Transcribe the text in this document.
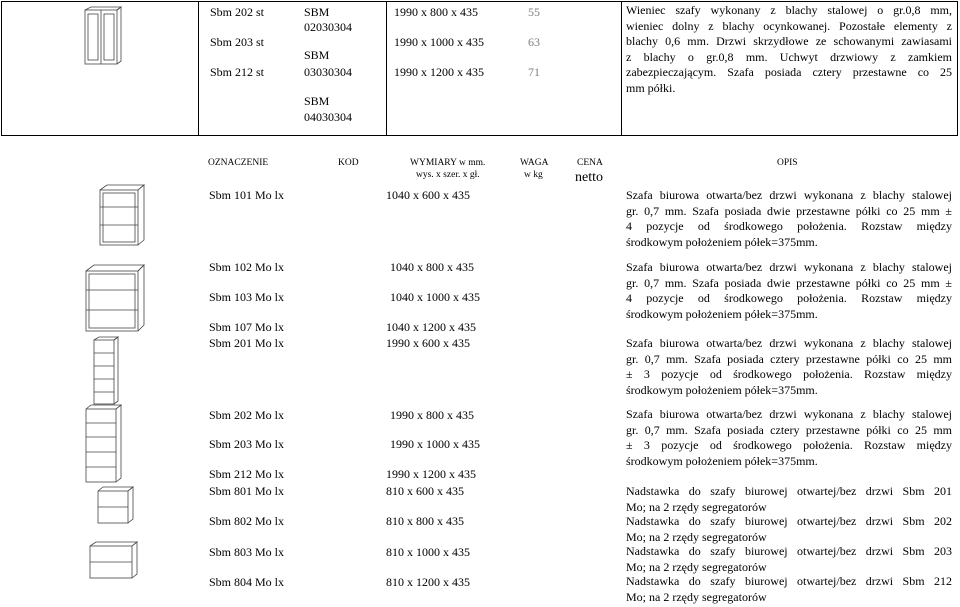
Sbm 202 st
Sbm 203 st
Sbm 212 st
SBM
02030304
SBM
03030304
SBM
04030304
1990 x 800 x 435
1990 x 1000 x 435
1990 x 1200 x 435
55
63
71
Wieniec szafy wykonany z blachy stalowej o gr.0,8 mm,
wieniec dolny z blachy ocynkowanej. Pozostałe elementy z
blachy 0,6 mm. Drzwi skrzydłowe ze schowanymi zawiasami
z blachy o gr.0,8 mm. Uchwyt drzwiowy z zamkiem
zabezpieczającym. Szafa posiada cztery przestawne co 25
mm półki.
OZNACZENIE	KOD	WYMIARY w mm.
wys. x szer. x gł.
WAGA
w kg
CENA
netto
OPIS
Sbm 101 Mo lx
Sbm 102 Mo lx
Sbm 103 Mo lx
Sbm 107 Mo lx
Sbm 201 Mo lx
Sbm 202 Mo lx
Sbm 203 Mo lx
Sbm 212 Mo lx
Sbm 801 Mo lx
Sbm 802 Mo lx
Sbm 803 Mo lx
Sbm 804 Mo lx
1040 x 600 x 435
1040 x 800 x 435
1040 x 1000 x 435
1040 x 1200 x 435
1990 x 600 x 435
1990 x 800 x 435
1990 x 1000 x 435
1990 x 1200 x 435
810 x 600 x 435
810 x 800 x 435
810 x 1000 x 435
810 x 1200 x 435
Szafa biurowa otwarta/bez drzwi wykonana z blachy stalowej
gr. 0,7 mm. Szafa posiada dwie przestawne półki co 25 mm ±
4 pozycje od środkowego położenia. Rozstaw między
środkowym położeniem półek=375mm.
Szafa biurowa otwarta/bez drzwi wykonana z blachy stalowej
gr. 0,7 mm. Szafa posiada dwie przestawne półki co 25 mm ±
4 pozycje od środkowego położenia. Rozstaw między
środkowym położeniem półek=375mm.
Szafa biurowa otwarta/bez drzwi wykonana z blachy stalowej
gr. 0,7 mm. Szafa posiada cztery przestawne półki co 25 mm
± 3 pozycje od środkowego położenia. Rozstaw między
środkowym położeniem półek=375mm.
Szafa biurowa otwarta/bez drzwi wykonana z blachy stalowej
gr. 0,7 mm. Szafa posiada cztery przestawne półki co 25 mm
± 3 pozycje od środkowego położenia. Rozstaw między
środkowym położeniem półek=375mm.
Nadstawka do szafy biurowej otwartej/bez drzwi Sbm 201
Mo; na 2 rzędy segregatorów
Nadstawka do szafy biurowej otwartej/bez drzwi Sbm 202
Mo; na 2 rzędy segregatorów
Nadstawka do szafy biurowej otwartej/bez drzwi Sbm 203
Mo; na 2 rzędy segregatorów
Nadstawka do szafy biurowej otwartej/bez drzwi Sbm 212
Mo; na 2 rzędy segregatorów
